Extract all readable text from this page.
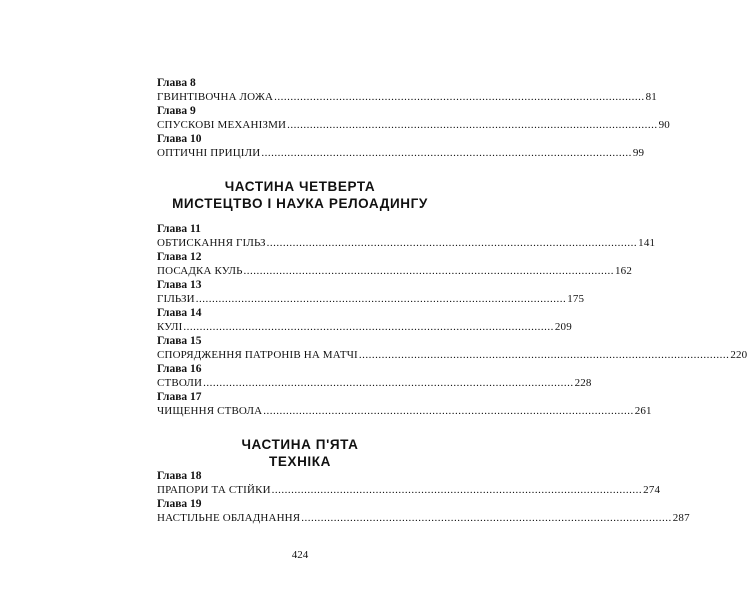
Глава 8
ГВИНТІВОЧНА ЛОЖА .................................................................................................................. 81
Глава 9
СПУСКОВІ МЕХАНІЗМИ .................................................................................................................. 90
Глава 10
ОПТИЧНІ ПРИЦІЛИ .................................................................................................................. 99
ЧАСТИНА ЧЕТВЕРТА
МИСТЕЦТВО І НАУКА РЕЛОАДИНГУ
Глава 11
ОБТИСКАННЯ ГІЛЬЗ .................................................................................................................. 141
Глава 12
ПОСАДКА КУЛЬ .................................................................................................................. 162
Глава 13
ГІЛЬЗИ .................................................................................................................. 175
Глава 14
КУЛІ .................................................................................................................. 209
Глава 15
СПОРЯДЖЕННЯ ПАТРОНІВ НА МАТЧІ .................................................................................................................. 220
Глава 16
СТВОЛИ .................................................................................................................. 228
Глава 17
ЧИЩЕННЯ СТВОЛА .................................................................................................................. 261
ЧАСТИНА П'ЯТА
ТЕХНІКА
Глава 18
ПРАПОРИ ТА СТІЙКИ .................................................................................................................. 274
Глава 19
НАСТІЛЬНЕ ОБЛАДНАННЯ .................................................................................................................. 287
424
